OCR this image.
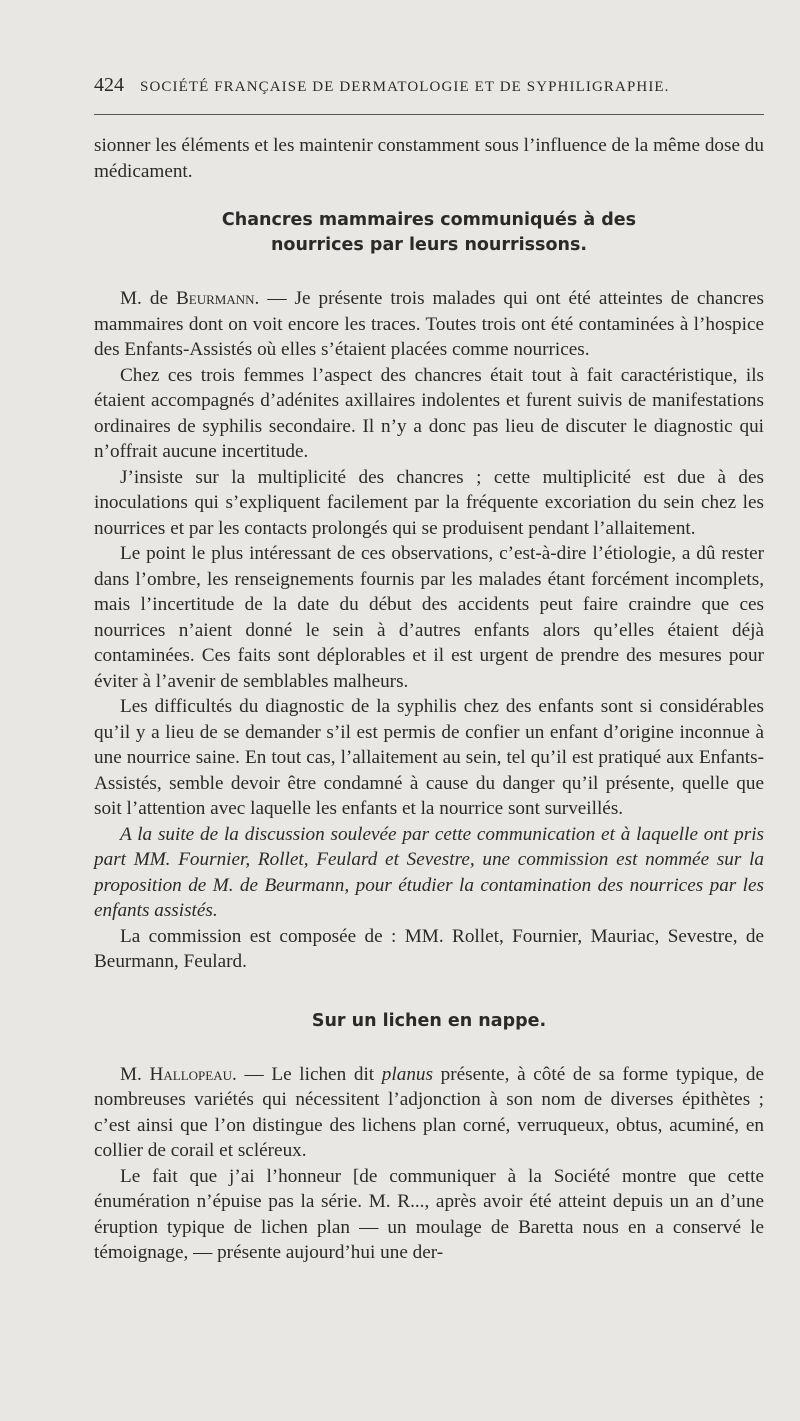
424 SOCIÉTÉ FRANÇAISE DE DERMATOLOGIE ET DE SYPHILIGRAPHIE.

sionner les éléments et les maintenir constamment sous l’influence de la même dose du médicament.

Chancres mammaires communiqués à des
nourrices par leurs nourrissons.

M. de Beurmann. — Je présente trois malades qui ont été atteintes de chancres mammaires dont on voit encore les traces. Toutes trois ont été contaminées à l’hospice des Enfants-Assistés où elles s’étaient placées comme nourrices.

Chez ces trois femmes l’aspect des chancres était tout à fait caractéristique, ils étaient accompagnés d’adénites axillaires indolentes et furent suivis de manifestations ordinaires de syphilis secondaire. Il n’y a donc pas lieu de discuter le diagnostic qui n’offrait aucune incertitude.

J’insiste sur la multiplicité des chancres ; cette multiplicité est due à des inoculations qui s’expliquent facilement par la fréquente excoriation du sein chez les nourrices et par les contacts prolongés qui se produisent pendant l’allaitement.

Le point le plus intéressant de ces observations, c’est-à-dire l’étiologie, a dû rester dans l’ombre, les renseignements fournis par les malades étant forcément incomplets, mais l’incertitude de la date du début des accidents peut faire craindre que ces nourrices n’aient donné le sein à d’autres enfants alors qu’elles étaient déjà contaminées. Ces faits sont déplorables et il est urgent de prendre des mesures pour éviter à l’avenir de semblables malheurs.

Les difficultés du diagnostic de la syphilis chez des enfants sont si considérables qu’il y a lieu de se demander s’il est permis de confier un enfant d’origine inconnue à une nourrice saine. En tout cas, l’allaitement au sein, tel qu’il est pratiqué aux Enfants-Assistés, semble devoir être condamné à cause du danger qu’il présente, quelle que soit l’attention avec laquelle les enfants et la nourrice sont surveillés.

A la suite de la discussion soulevée par cette communication et à laquelle ont pris part MM. Fournier, Rollet, Feulard et Sevestre, une commission est nommée sur la proposition de M. de Beurmann, pour étudier la contamination des nourrices par les enfants assistés.

La commission est composée de : MM. Rollet, Fournier, Mauriac, Sevestre, de Beurmann, Feulard.

Sur un lichen en nappe.

M. Hallopeau. — Le lichen dit planus présente, à côté de sa forme typique, de nombreuses variétés qui nécessitent l’adjonction à son nom de diverses épithètes ; c’est ainsi que l’on distingue des lichens plan corné, verruqueux, obtus, acuminé, en collier de corail et scléreux.

Le fait que j’ai l’honneur [de communiquer à la Société montre que cette énumération n’épuise pas la série. M. R..., après avoir été atteint depuis un an d’une éruption typique de lichen plan — un moulage de Baretta nous en a conservé le témoignage, — présente aujourd’hui une der-
